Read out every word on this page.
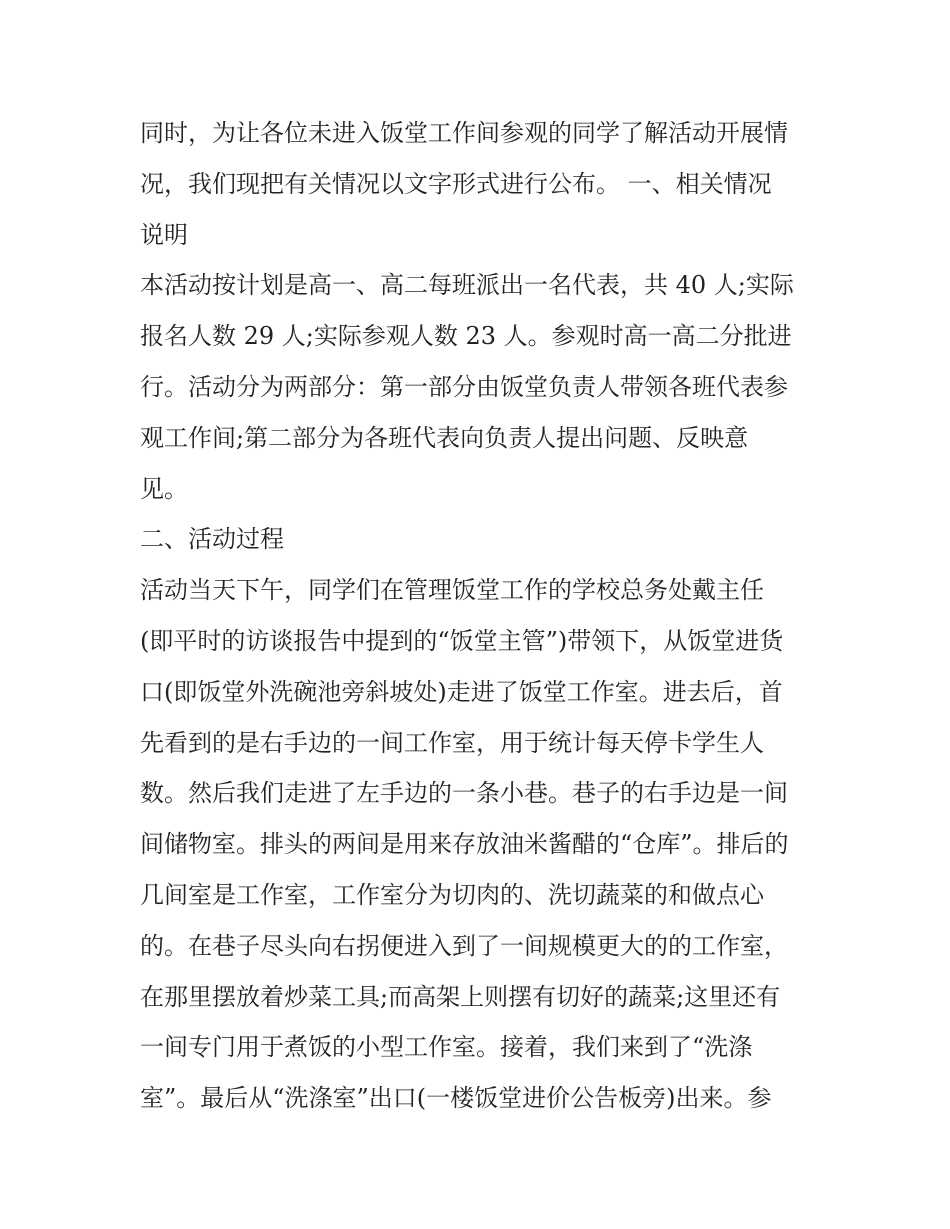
同时，为让各位未进入饭堂工作间参观的同学了解活动开展情
况，我们现把有关情况以文字形式进行公布。 一、相关情况
说明
本活动按计划是高一、高二每班派出一名代表，共 40 人;实际
报名人数 29 人;实际参观人数 23 人。参观时高一高二分批进
行。活动分为两部分：第一部分由饭堂负责人带领各班代表参
观工作间;第二部分为各班代表向负责人提出问题、反映意
见。
二、活动过程
活动当天下午，同学们在管理饭堂工作的学校总务处戴主任
(即平时的访谈报告中提到的“饭堂主管”)带领下，从饭堂进货
口(即饭堂外洗碗池旁斜坡处)走进了饭堂工作室。进去后，首
先看到的是右手边的一间工作室，用于统计每天停卡学生人
数。然后我们走进了左手边的一条小巷。巷子的右手边是一间
间储物室。排头的两间是用来存放油米酱醋的“仓库”。排后的
几间室是工作室，工作室分为切肉的、洗切蔬菜的和做点心
的。在巷子尽头向右拐便进入到了一间规模更大的的工作室，
在那里摆放着炒菜工具;而高架上则摆有切好的蔬菜;这里还有
一间专门用于煮饭的小型工作室。接着，我们来到了“洗涤
室”。最后从“洗涤室”出口(一楼饭堂进价公告板旁)出来。参
